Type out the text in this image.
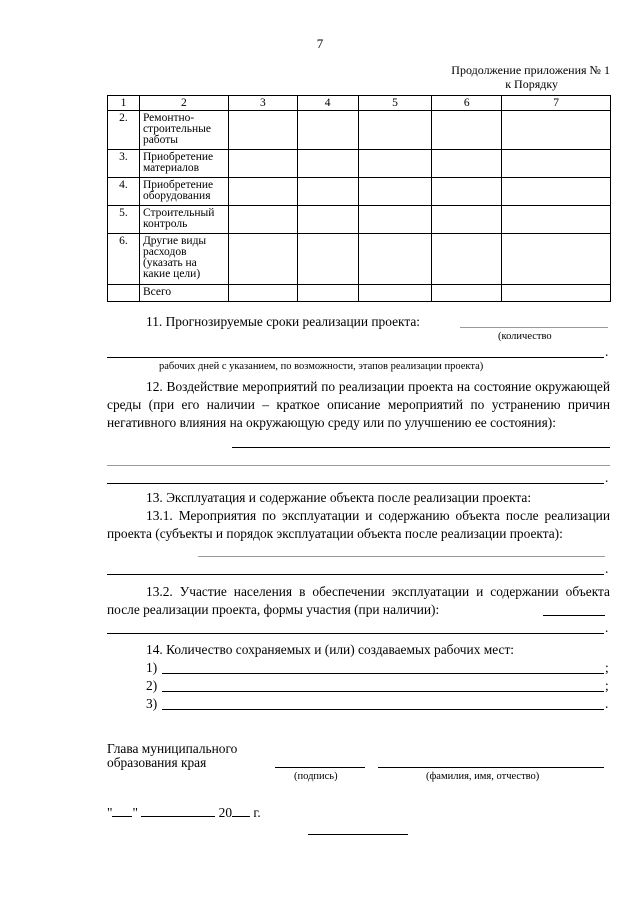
7
Продолжение приложения № 1

к Порядку
1	2	3	4	5	6	7
2.	Ремонтно-строительные работы					
3.	Приобретение материалов					
4.	Приобретение оборудования					
5.	Строительный контроль					
6.	Другие виды расходов (указать на какие цели)					
	Всего					
11. Прогнозируемые сроки реализации проекта:
(количество
.
рабочих дней с указанием, по возможности, этапов реализации проекта)
12. Воздействие мероприятий по реализации проекта на состояние окружающей среды (при его наличии – краткое описание мероприятий по устранению причин негативного влияния на окружающую среду или по улучшению ее состояния):
.
13. Эксплуатация и содержание объекта после реализации проекта:
13.1. Мероприятия по эксплуатации и содержанию объекта после реализации проекта (субъекты и порядок эксплуатации объекта после реализации проекта):
.
13.2. Участие населения в обеспечении эксплуатации и содержании объекта после реализации проекта, формы участия (при наличии):
.
14. Количество сохраняемых и (или) создаваемых рабочих мест:
1)	;
2)	;
3)	.
Глава муниципального
образования края
(подпись)	(фамилия, имя, отчество)
" "	20 г.
